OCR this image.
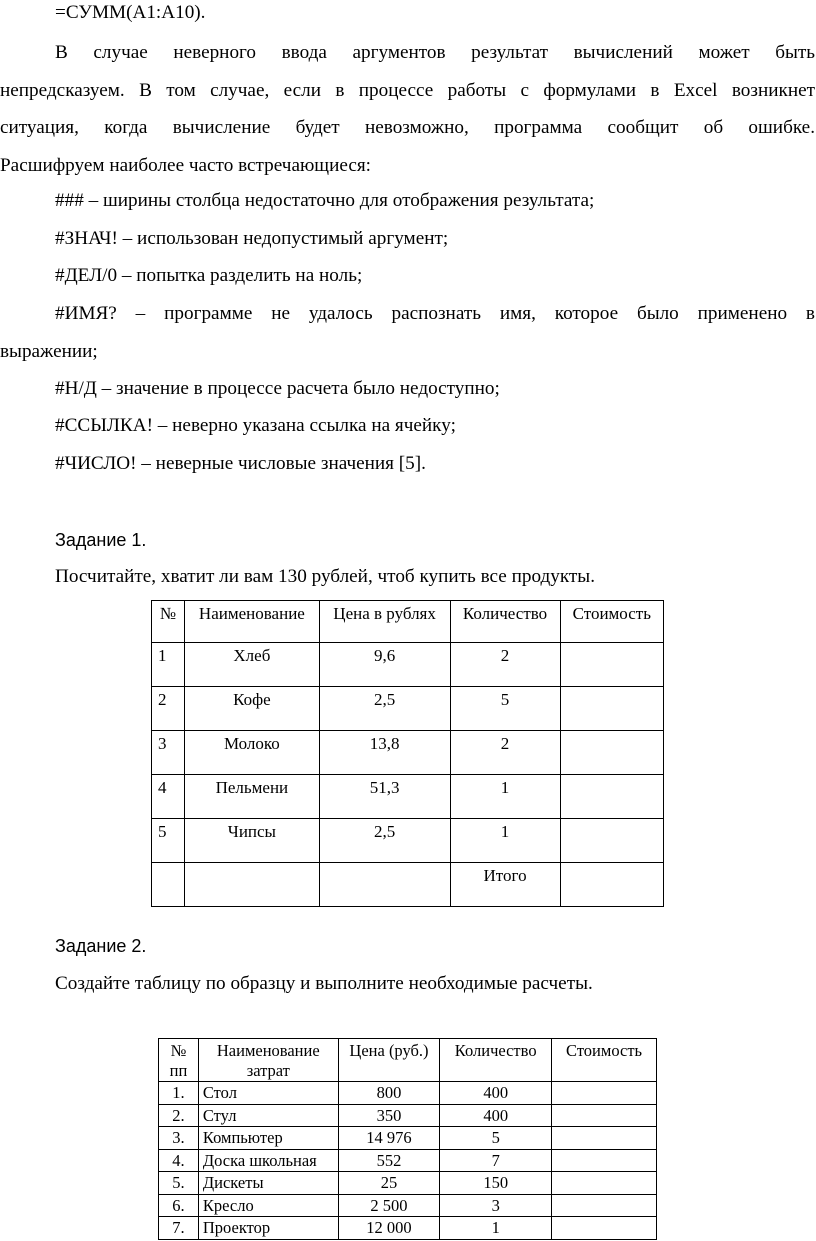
=СУММ(А1:А10).

В случае неверного ввода аргументов результат вычислений может быть
непредсказуем. В том случае, если в процессе работы с формулами в Excel возникнет
ситуация, когда вычисление будет невозможно, программа сообщит об ошибке.
Расшифруем наиболее часто встречающиеся:

### – ширины столбца недостаточно для отображения результата;

#ЗНАЧ! – использован недопустимый аргумент;

#ДЕЛ/0 – попытка разделить на ноль;

#ИМЯ? – программе не удалось распознать имя, которое было применено в
выражении;

#Н/Д – значение в процессе расчета было недоступно;

#ССЫЛКА! – неверно указана ссылка на ячейку;

#ЧИСЛО! – неверные числовые значения [5].

Задание 1.

Посчитайте, хватит ли вам 130 рублей, чтоб купить все продукты.

№	Наименование	Цена в рублях	Количество	Стоимость
1	Хлеб	9,6	2	
2	Кофе	2,5	5	
3	Молоко	13,8	2	
4	Пельмени	51,3	1	
5	Чипсы	2,5	1	
			Итого	

Задание 2.

Создайте таблицу по образцу и выполните необходимые расчеты.

№ пп	Наименование затрат	Цена (руб.)	Количество	Стоимость
1.	Стол	800	400	
2.	Стул	350	400	
3.	Компьютер	14 976	5	
4.	Доска школьная	552	7	
5.	Дискеты	25	150	
6.	Кресло	2 500	3	
7.	Проектор	12 000	1	
